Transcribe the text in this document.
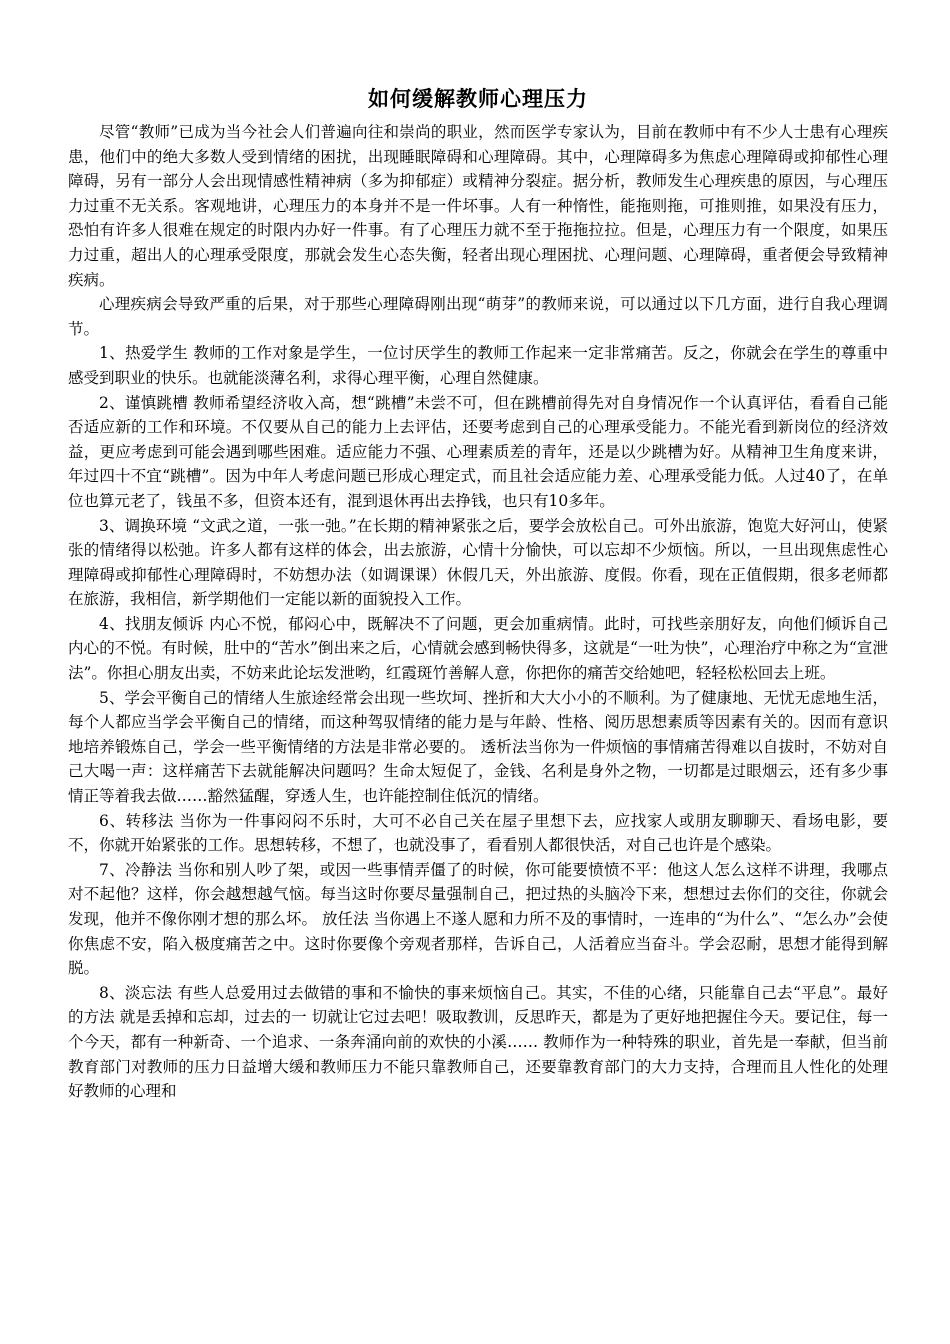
如何缓解教师心理压力

尽管“教师”已成为当今社会人们普遍向往和崇尚的职业，然而医学专家认为，目前在教师中有不少人士患有心理疾患，他们中的绝大多数人受到情绪的困扰，出现睡眠障碍和心理障碍。其中，心理障碍多为焦虑心理障碍或抑郁性心理障碍，另有一部分人会出现情感性精神病（多为抑郁症）或精神分裂症。据分析，教师发生心理疾患的原因，与心理压力过重不无关系。客观地讲，心理压力的本身并不是一件坏事。人有一种惰性，能拖则拖，可推则推，如果没有压力，恐怕有许多人很难在规定的时限内办好一件事。有了心理压力就不至于拖拖拉拉。但是，心理压力有一个限度，如果压力过重，超出人的心理承受限度，那就会发生心态失衡，轻者出现心理困扰、心理问题、心理障碍，重者便会导致精神疾病。

心理疾病会导致严重的后果，对于那些心理障碍刚出现“萌芽”的教师来说，可以通过以下几方面，进行自我心理调节。

1、热爱学生 教师的工作对象是学生，一位讨厌学生的教师工作起来一定非常痛苦。反之，你就会在学生的尊重中感受到职业的快乐。也就能淡薄名利，求得心理平衡，心理自然健康。

2、谨慎跳槽 教师希望经济收入高，想“跳槽”未尝不可，但在跳槽前得先对自身情况作一个认真评估，看看自己能否适应新的工作和环境。不仅要从自己的能力上去评估，还要考虑到自己的心理承受能力。不能光看到新岗位的经济效益，更应考虑到可能会遇到哪些困难。适应能力不强、心理素质差的青年，还是以少跳槽为好。从精神卫生角度来讲，年过四十不宜“跳槽”。因为中年人考虑问题已形成心理定式，而且社会适应能力差、心理承受能力低。人过40了，在单位也算元老了，钱虽不多，但资本还有，混到退休再出去挣钱，也只有10多年。

3、调换环境 “文武之道，一张一弛。”在长期的精神紧张之后，要学会放松自己。可外出旅游，饱览大好河山，使紧张的情绪得以松弛。许多人都有这样的体会，出去旅游，心情十分愉快，可以忘却不少烦恼。所以，一旦出现焦虑性心理障碍或抑郁性心理障碍时，不妨想办法（如调课课）休假几天，外出旅游、度假。你看，现在正值假期，很多老师都在旅游，我相信，新学期他们一定能以新的面貌投入工作。

4、找朋友倾诉 内心不悦，郁闷心中，既解决不了问题，更会加重病情。此时，可找些亲朋好友，向他们倾诉自己内心的不悦。有时候，肚中的“苦水”倒出来之后，心情就会感到畅快得多，这就是“一吐为快”，心理治疗中称之为“宣泄法”。你担心朋友出卖，不妨来此论坛发泄哟，红霞斑竹善解人意，你把你的痛苦交给她吧，轻轻松松回去上班。

5、学会平衡自己的情绪人生旅途经常会出现一些坎坷、挫折和大大小小的不顺利。为了健康地、无忧无虑地生活，每个人都应当学会平衡自己的情绪，而这种驾驭情绪的能力是与年龄、性格、阅历思想素质等因素有关的。因而有意识地培养锻炼自己，学会一些平衡情绪的方法是非常必要的。 透析法当你为一件烦恼的事情痛苦得难以自拔时，不妨对自己大喝一声：这样痛苦下去就能解决问题吗？生命太短促了，金钱、名利是身外之物，一切都是过眼烟云，还有多少事情正等着我去做……豁然猛醒，穿透人生，也许能控制住低沉的情绪。

6、转移法 当你为一件事闷闷不乐时，大可不必自己关在屋子里想下去，应找家人或朋友聊聊天、看场电影，要不，你就开始紧张的工作。思想转移，不想了，也就没事了，看看别人都很快活，对自己也许是个感染。

7、冷静法 当你和别人吵了架，或因一些事情弄僵了的时候，你可能要愤愤不平：他这人怎么这样不讲理，我哪点对不起他？这样，你会越想越气恼。每当这时你要尽量强制自己，把过热的头脑冷下来，想想过去你们的交往，你就会发现，他并不像你刚才想的那么坏。 放任法 当你遇上不遂人愿和力所不及的事情时，一连串的“为什么”、“怎么办”会使你焦虑不安，陷入极度痛苦之中。这时你要像个旁观者那样，告诉自己，人活着应当奋斗。学会忍耐，思想才能得到解脱。

8、淡忘法 有些人总爱用过去做错的事和不愉快的事来烦恼自己。其实，不佳的心绪，只能靠自己去“平息”。最好的方法 就是丢掉和忘却，过去的一 切就让它过去吧！吸取教训，反思昨天，都是为了更好地把握住今天。要记住，每一个今天，都有一种新奇、一个追求、一条奔涌向前的欢快的小溪…… 教师作为一种特殊的职业，首先是一奉献，但当前教育部门对教师的压力日益增大缓和教师压力不能只靠教师自己，还要靠教育部门的大力支持，合理而且人性化的处理好教师的心理和
